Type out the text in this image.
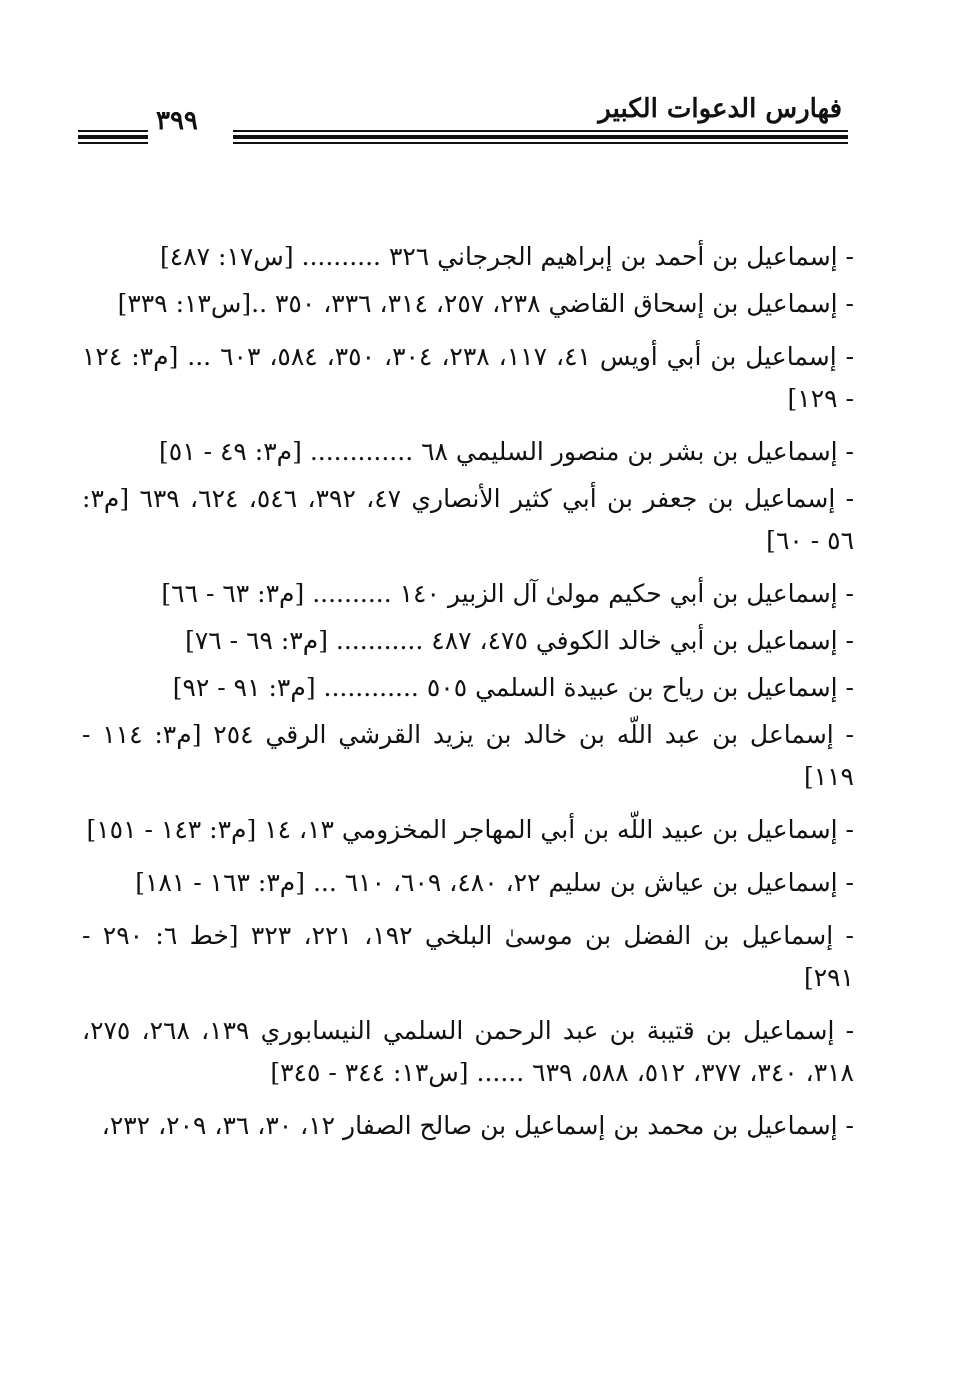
فهارس الدعوات الكبير
٣٩٩
- إسماعيل بن أحمد بن إبراهيم الجرجاني ٣٢٦ .......... [س١٧: ٤٨٧]
- إسماعيل بن إسحاق القاضي ٢٣٨، ٢٥٧، ٣١٤، ٣٣٦، ٣٥٠ ..[س١٣: ٣٣٩]
- إسماعيل بن أبي أويس ٤١، ١١٧، ٢٣٨، ٣٠٤، ٣٥٠، ٥٨٤، ٦٠٣ ... [م٣: ١٢٤ - ١٢٩]
- إسماعيل بن بشر بن منصور السليمي ٦٨ ............. [م٣: ٤٩ - ٥١]
- إسماعيل بن جعفر بن أبي كثير الأنصاري ٤٧، ٣٩٢، ٥٤٦، ٦٢٤، ٦٣٩ [م٣: ٥٦ - ٦٠]
- إسماعيل بن أبي حكيم مولىٰ آل الزبير ١٤٠ .......... [م٣: ٦٣ - ٦٦]
- إسماعيل بن أبي خالد الكوفي ٤٧٥، ٤٨٧ ........... [م٣: ٦٩ - ٧٦]
- إسماعيل بن رياح بن عبيدة السلمي ٥٠٥ ............ [م٣: ٩١ - ٩٢]
- إسماعل بن عبد اللّه بن خالد بن يزيد القرشي الرقي ٢٥٤ [م٣: ١١٤ - ١١٩]
- إسماعيل بن عبيد اللّه بن أبي المهاجر المخزومي ١٣، ١٤ [م٣: ١٤٣ - ١٥١]
- إسماعيل بن عياش بن سليم ٢٢، ٤٨٠، ٦٠٩، ٦١٠ ... [م٣: ١٦٣ - ١٨١]
- إسماعيل بن الفضل بن موسىٰ البلخي ١٩٢، ٢٢١، ٣٢٣ [خط ٦: ٢٩٠ - ٢٩١]
- إسماعيل بن قتيبة بن عبد الرحمن السلمي النيسابوري ١٣٩، ٢٦٨، ٢٧٥، ٣١٨، ٣٤٠، ٣٧٧، ٥١٢، ٥٨٨، ٦٣٩ ...... [س١٣: ٣٤٤ - ٣٤٥]
- إسماعيل بن محمد بن إسماعيل بن صالح الصفار ١٢، ٣٠، ٣٦، ٢٠٩، ٢٣٢،
